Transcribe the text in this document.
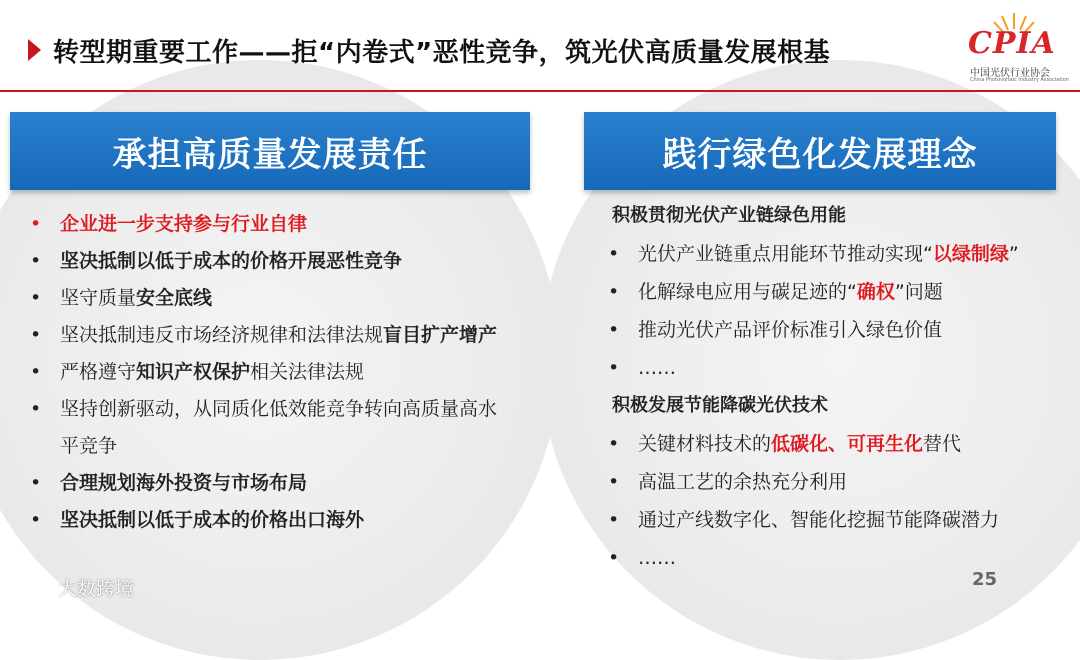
转型期重要工作——拒“内卷式”恶性竞争，筑光伏高质量发展根基	CPIA
中国光伏行业协会
China Photovoltaic Industry Association
承担高质量发展责任	践行绿色化发展理念
• 企业进一步支持参与行业自律
• 坚决抵制以低于成本的价格开展恶性竞争
• 坚守质量安全底线
• 坚决抵制违反市场经济规律和法律法规盲目扩产增产
• 严格遵守知识产权保护相关法律法规
• 坚持创新驱动，从同质化低效能竞争转向高质量高水平竞争
• 合理规划海外投资与市场布局
• 坚决抵制以低于成本的价格出口海外
积极贯彻光伏产业链绿色用能
• 光伏产业链重点用能环节推动实现“以绿制绿”
• 化解绿电应用与碳足迹的“确权”问题
• 推动光伏产品评价标准引入绿色价值
• ……
积极发展节能降碳光伏技术
• 关键材料技术的低碳化、可再生化替代
• 高温工艺的余热充分利用
• 通过产线数字化、智能化挖掘节能降碳潜力
• ……
25
大数跨境
